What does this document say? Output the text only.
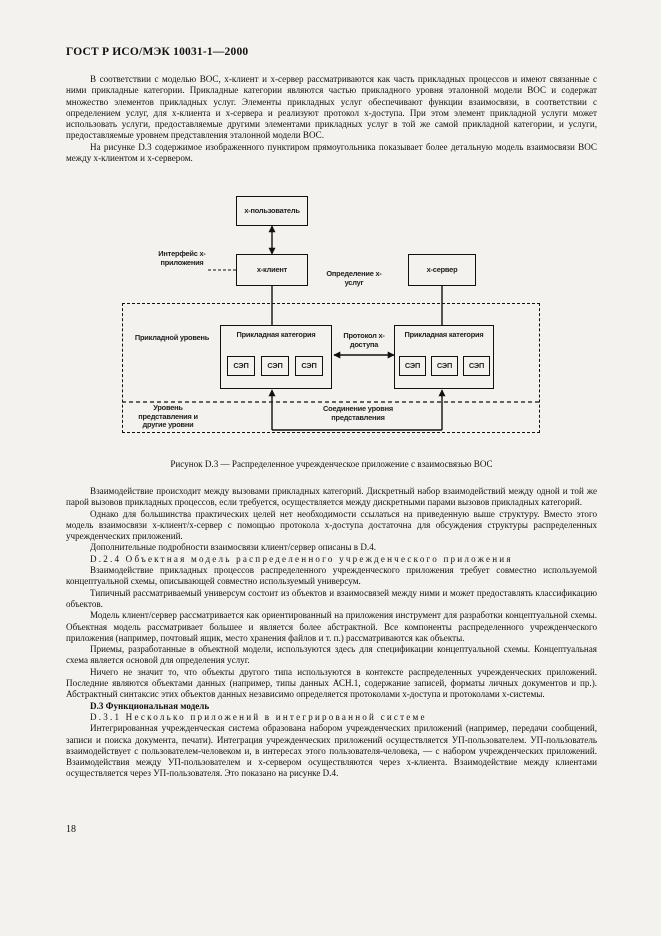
ГОСТ Р ИСО/МЭК 10031-1—2000

В соответствии с моделью ВОС, x-клиент и x-сервер рассматриваются как часть прикладных процессов и имеют связанные с ними прикладные категории. Прикладные категории являются частью прикладного уровня эталонной модели ВОС и содержат множество элементов прикладных услуг. Элементы прикладных услуг обеспечивают функции взаимосвязи, в соответствии с определением услуг, для x-клиента и x-сервера и реализуют протокол x-доступа. При этом элемент прикладной услуги может использовать услуги, предоставляемые другими элементами прикладных услуг в той же самой прикладной категории, и услуги, предоставляемые уровнем представления эталонной модели ВОС.

На рисунке D.3 содержимое изображенного пунктиром прямоугольника показывает более детальную модель взаимосвязи ВОС между x-клиентом и x-сервером.

x-пользователь
Интерфейс x-приложения
x-клиент	Определение x-услуг
x-сервер
Прикладной уровень	Прикладная категория
СЭП	СЭП	СЭП
Протокол x-доступа
Прикладная категория
СЭП СЭП СЭП
Уровень представления и другие уровни
Соединение уровня представления
Рисунок D.3 — Распределенное учрежденческое приложение с взаимосвязью ВОС

Взаимодействие происходит между вызовами прикладных категорий. Дискретный набор взаимодействий между одной и той же парой вызовов прикладных процессов, если требуется, осуществляется между дискретными парами вызовов прикладных категорий.

Однако для большинства практических целей нет необходимости ссылаться на приведенную выше структуру. Вместо этого модель взаимосвязи x-клиент/x-сервер с помощью протокола x-доступа достаточна для обсуждения структуры распределенных учрежденческих приложений.

Дополнительные подробности взаимосвязи клиент/сервер описаны в D.4.

D.2.4 Объектная модель распределенного учрежденческого приложения

Взаимодействие прикладных процессов распределенного учрежденческого приложения требует совместно используемой концептуальной схемы, описывающей совместно используемый универсум.

Типичный рассматриваемый универсум состоит из объектов и взаимосвязей между ними и может предоставлять классификацию объектов.

Модель клиент/сервер рассматривается как ориентированный на приложения инструмент для разработки концептуальной схемы. Объектная модель рассматривает большее и является более абстрактной. Все компоненты распределенного учрежденческого приложения (например, почтовый ящик, место хранения файлов и т. п.) рассматриваются как объекты.

Приемы, разработанные в объектной модели, используются здесь для спецификации концептуальной схемы. Концептуальная схема является основой для определения услуг.

Ничего не значит то, что объекты другого типа используются в контексте распределенных учрежденческих приложений. Последние являются объектами данных (например, типы данных АСН.1, содержание записей, форматы личных документов и пр.). Абстрактный синтаксис этих объектов данных независимо определяется протоколами x-доступа и протоколами x-системы.

D.3 Функциональная модель

D.3.1 Несколько приложений в интегрированной системе

Интегрированная учрежденческая система образована набором учрежденческих приложений (например, передачи сообщений, записи и поиска документа, печати). Интеграция учрежденческих приложений осуществляется УП-пользователем. УП-пользователь взаимодействует с пользователем-человеком и, в интересах этого пользователя-человека, — с набором учрежденческих приложений. Взаимодействия между УП-пользователем и x-сервером осуществляются через x-клиента. Взаимодействие между клиентами осуществляется через УП-пользователя. Это показано на рисунке D.4.

18
